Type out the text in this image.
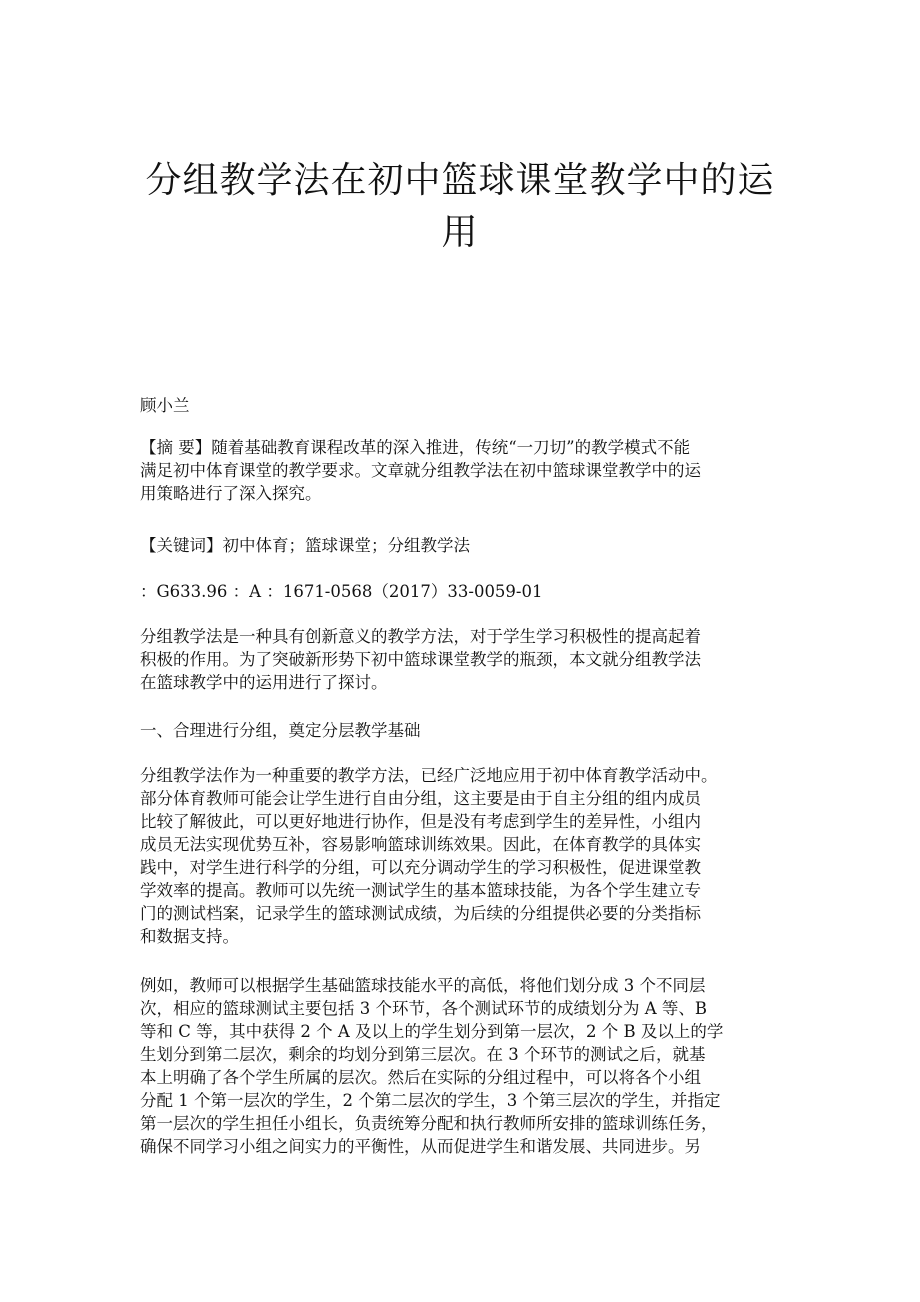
分组教学法在初中篮球课堂教学中的运
用
顾小兰
【摘 要】随着基础教育课程改革的深入推进，传统“一刀切”的教学模式不能
满足初中体育课堂的教学要求。文章就分组教学法在初中篮球课堂教学中的运
用策略进行了深入探究。
【关键词】初中体育；篮球课堂；分组教学法
：G633.96 ：A ：1671-0568（2017）33-0059-01
分组教学法是一种具有创新意义的教学方法，对于学生学习积极性的提高起着
积极的作用。为了突破新形势下初中篮球课堂教学的瓶颈，本文就分组教学法
在篮球教学中的运用进行了探讨。
一、合理进行分组，奠定分层教学基础
分组教学法作为一种重要的教学方法，已经广泛地应用于初中体育教学活动中。
部分体育教师可能会让学生进行自由分组，这主要是由于自主分组的组内成员
比较了解彼此，可以更好地进行协作，但是没有考虑到学生的差异性，小组内
成员无法实现优势互补，容易影响篮球训练效果。因此，在体育教学的具体实
践中，对学生进行科学的分组，可以充分调动学生的学习积极性，促进课堂教
学效率的提高。教师可以先统一测试学生的基本篮球技能，为各个学生建立专
门的测试档案，记录学生的篮球测试成绩，为后续的分组提供必要的分类指标
和数据支持。
例如，教师可以根据学生基础篮球技能水平的高低，将他们划分成 3 个不同层
次，相应的篮球测试主要包括 3 个环节，各个测试环节的成绩划分为 A 等、B
等和 C 等，其中获得 2 个 A 及以上的学生划分到第一层次，2 个 B 及以上的学
生划分到第二层次，剩余的均划分到第三层次。在 3 个环节的测试之后，就基
本上明确了各个学生所属的层次。然后在实际的分组过程中，可以将各个小组
分配 1 个第一层次的学生，2 个第二层次的学生，3 个第三层次的学生，并指定
第一层次的学生担任小组长，负责统筹分配和执行教师所安排的篮球训练任务，
确保不同学习小组之间实力的平衡性，从而促进学生和谐发展、共同进步。另
